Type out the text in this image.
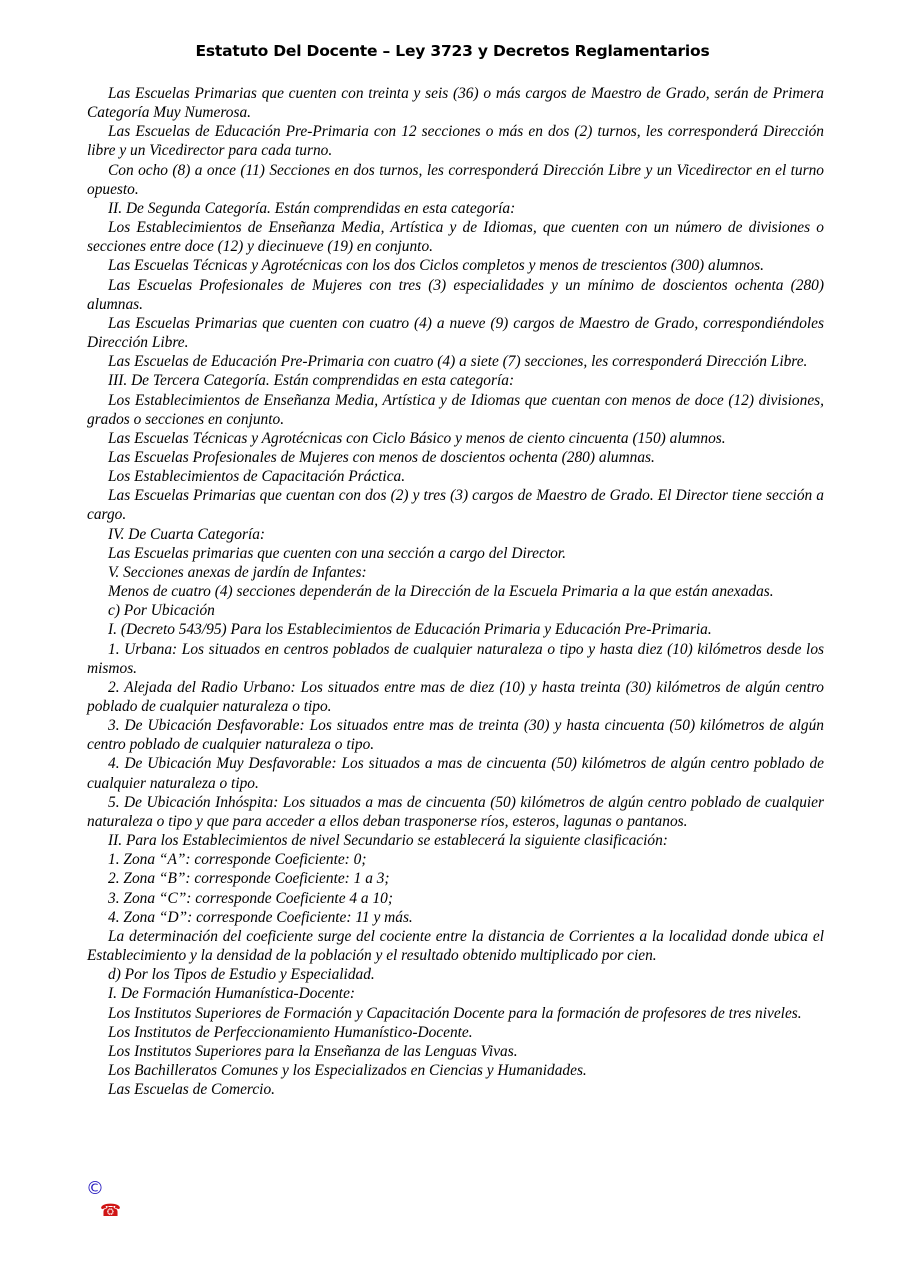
Estatuto Del Docente – Ley 3723 y Decretos Reglamentarios

Las Escuelas Primarias que cuenten con treinta y seis (36) o más cargos de Maestro de Grado, serán de Primera Categoría Muy Numerosa.

Las Escuelas de Educación Pre-Primaria con 12 secciones o más en dos (2) turnos, les corresponderá Dirección libre y un Vicedirector para cada turno.

Con ocho (8) a once (11) Secciones en dos turnos, les corresponderá Dirección Libre y un Vicedirector en el turno opuesto.

II. De Segunda Categoría. Están comprendidas en esta categoría:

Los Establecimientos de Enseñanza Media, Artística y de Idiomas, que cuenten con un número de divisiones o secciones entre doce (12) y diecinueve (19) en conjunto.

Las Escuelas Técnicas y Agrotécnicas con los dos Ciclos completos y menos de trescientos (300) alumnos.

Las Escuelas Profesionales de Mujeres con tres (3) especialidades y un mínimo de doscientos ochenta (280) alumnas.

Las Escuelas Primarias que cuenten con cuatro (4) a nueve (9) cargos de Maestro de Grado, correspondiéndoles Dirección Libre.

Las Escuelas de Educación Pre-Primaria con cuatro (4) a siete (7) secciones, les corresponderá Dirección Libre.

III. De Tercera Categoría. Están comprendidas en esta categoría:

Los Establecimientos de Enseñanza Media, Artística y de Idiomas que cuentan con menos de doce (12) divisiones, grados o secciones en conjunto.

Las Escuelas Técnicas y Agrotécnicas con Ciclo Básico y menos de ciento cincuenta (150) alumnos.

Las Escuelas Profesionales de Mujeres con menos de doscientos ochenta (280) alumnas.

Los Establecimientos de Capacitación Práctica.

Las Escuelas Primarias que cuentan con dos (2) y tres (3) cargos de Maestro de Grado. El Director tiene sección a cargo.

IV. De Cuarta Categoría:

Las Escuelas primarias que cuenten con una sección a cargo del Director.

V. Secciones anexas de jardín de Infantes:

Menos de cuatro (4) secciones dependerán de la Dirección de la Escuela Primaria a la que están anexadas.

c) Por Ubicación

I. (Decreto 543/95) Para los Establecimientos de Educación Primaria y Educación Pre-Primaria.

1. Urbana: Los situados en centros poblados de cualquier naturaleza o tipo y hasta diez (10) kilómetros desde los mismos.

2. Alejada del Radio Urbano: Los situados entre mas de diez (10) y hasta treinta (30) kilómetros de algún centro poblado de cualquier naturaleza o tipo.

3. De Ubicación Desfavorable: Los situados entre mas de treinta (30) y hasta cincuenta (50) kilómetros de algún centro poblado de cualquier naturaleza o tipo.

4. De Ubicación Muy Desfavorable: Los situados a mas de cincuenta (50) kilómetros de algún centro poblado de cualquier naturaleza o tipo.

5. De Ubicación Inhóspita: Los situados a mas de cincuenta (50) kilómetros de algún centro poblado de cualquier naturaleza o tipo y que para acceder a ellos deban trasponerse ríos, esteros, lagunas o pantanos.

II. Para los Establecimientos de nivel Secundario se establecerá la siguiente clasificación:

1. Zona “A”: corresponde Coeficiente: 0;

2. Zona “B”: corresponde Coeficiente: 1 a 3;

3. Zona “C”: corresponde Coeficiente 4 a 10;

4. Zona “D”: corresponde Coeficiente: 11 y más.

La determinación del coeficiente surge del cociente entre la distancia de Corrientes a la localidad donde ubica el Establecimiento y la densidad de la población y el resultado obtenido multiplicado por cien.

d) Por los Tipos de Estudio y Especialidad.

I. De Formación Humanística-Docente:

Los Institutos Superiores de Formación y Capacitación Docente para la formación de profesores de tres niveles.

Los Institutos de Perfeccionamiento Humanístico-Docente.

Los Institutos Superiores para la Enseñanza de las Lenguas Vivas.

Los Bachilleratos Comunes y los Especializados en Ciencias y Humanidades.

Las Escuelas de Comercio.

©
☎
